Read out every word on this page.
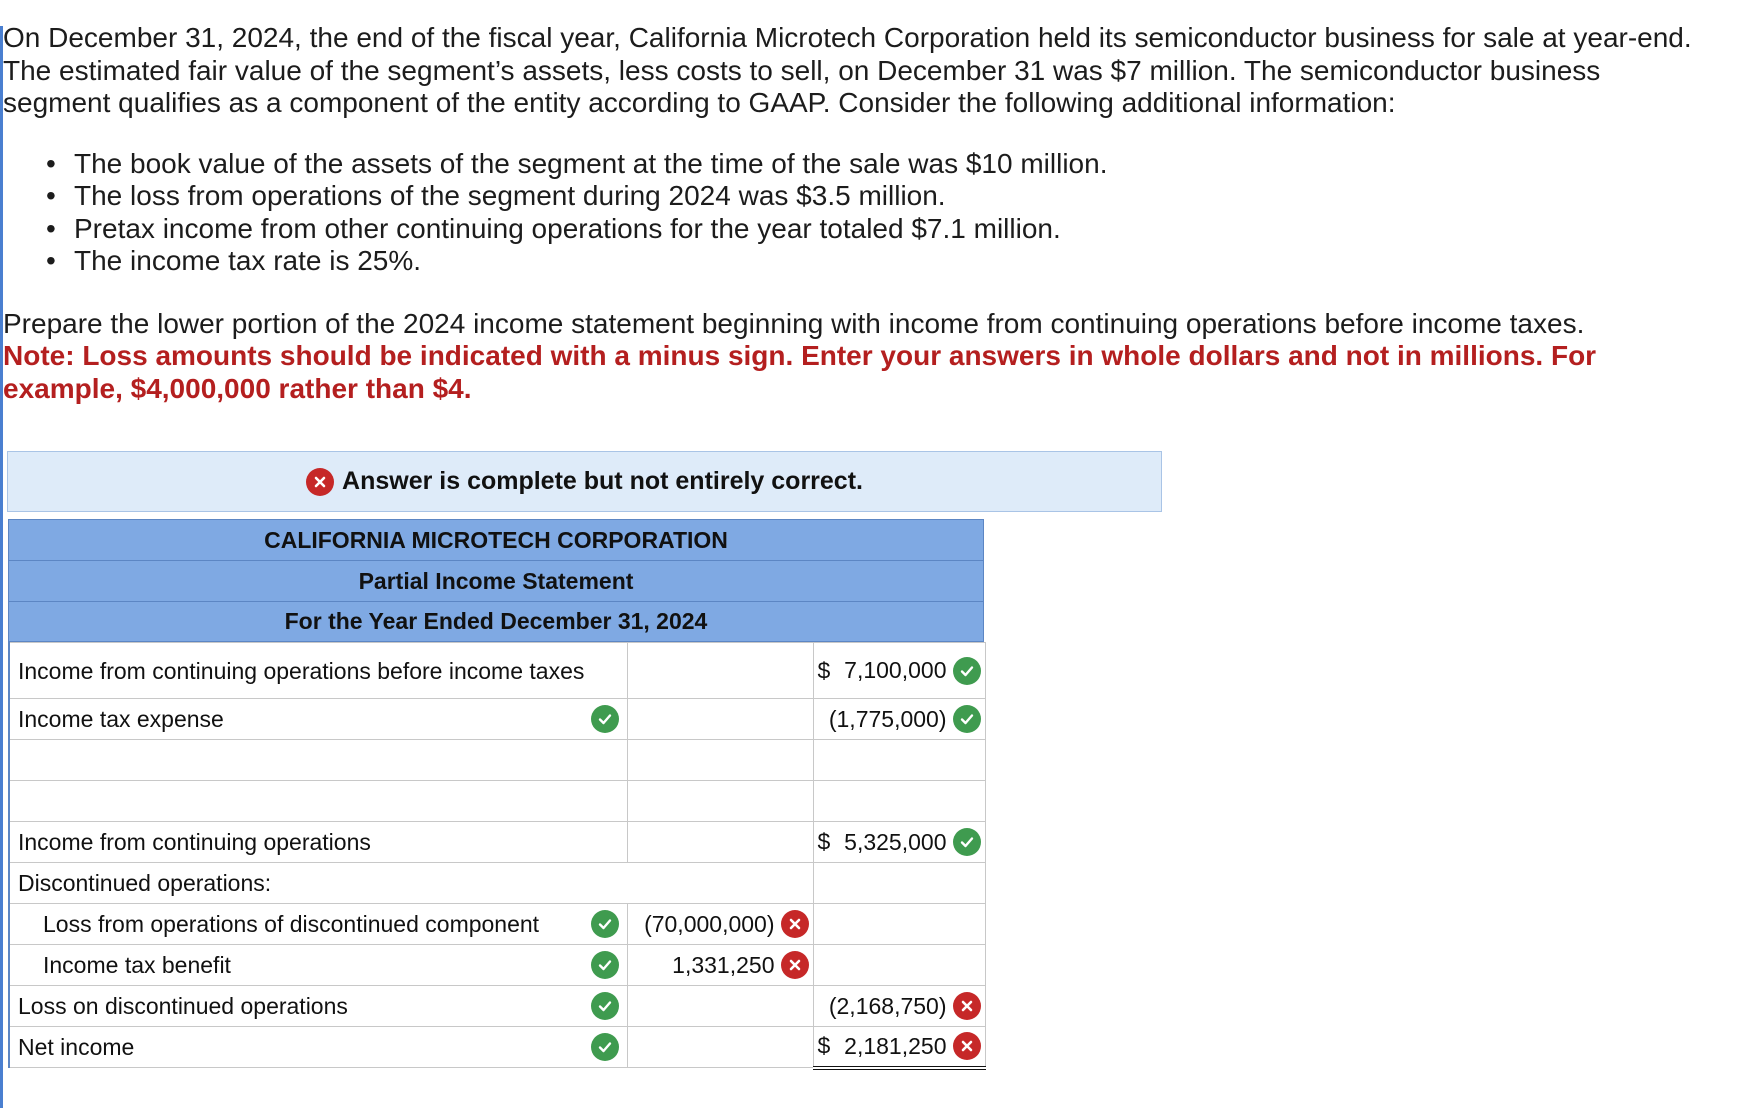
On December 31, 2024, the end of the fiscal year, California Microtech Corporation held its semiconductor business for sale at year-end. The estimated fair value of the segment’s assets, less costs to sell, on December 31 was $7 million. The semiconductor business segment qualifies as a component of the entity according to GAAP. Consider the following additional information:

• The book value of the assets of the segment at the time of the sale was $10 million.
• The loss from operations of the segment during 2024 was $3.5 million.
• Pretax income from other continuing operations for the year totaled $7.1 million.
• The income tax rate is 25%.

Prepare the lower portion of the 2024 income statement beginning with income from continuing operations before income taxes.

Note: Loss amounts should be indicated with a minus sign. Enter your answers in whole dollars and not in millions. For example, $4,000,000 rather than $4.

Answer is complete but not entirely correct.
CALIFORNIA MICROTECH CORPORATION
Partial Income Statement
For the Year Ended December 31, 2024
Income from continuing operations before income taxes		$ 7,100,000

Income tax expense		(1,775,000)

Income from continuing operations		$ 5,325,000

Discontinued operations:		

Loss from operations of discontinued component	(70,000,000)	

Income tax benefit	1,331,250	

Loss on discontinued operations		(2,168,750)

Net income		$ 2,181,250
